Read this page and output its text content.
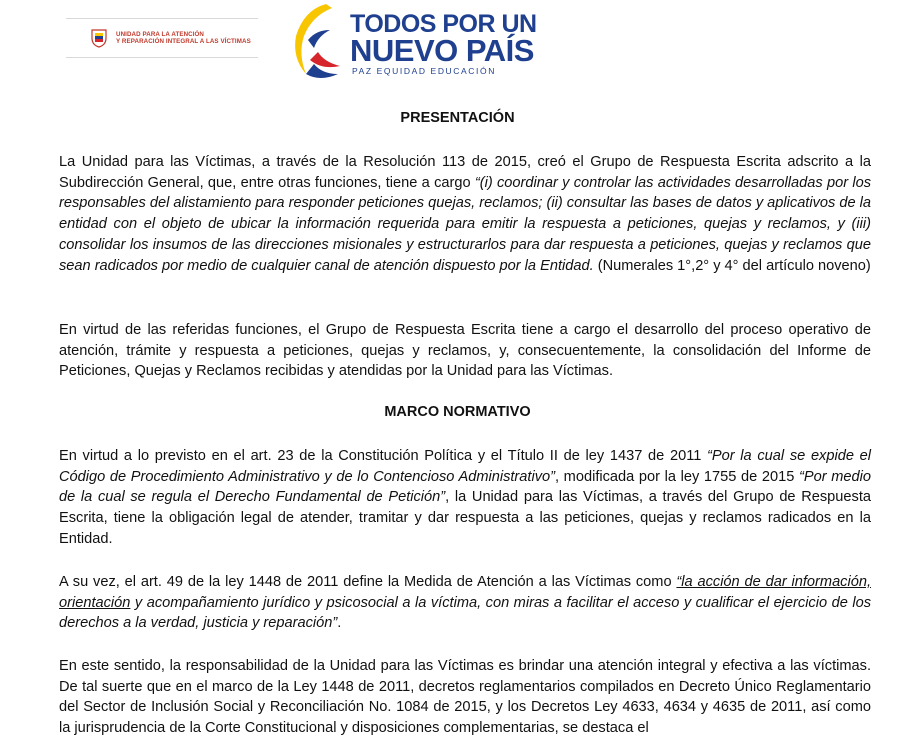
UNIDAD PARA LA ATENCIÓN
Y REPARACIÓN INTEGRAL A LAS VÍCTIMAS
TODOS POR UN
NUEVO PAÍS
PAZ EQUIDAD EDUCACIÓN
PRESENTACIÓN
La Unidad para las Víctimas, a través de la Resolución 113 de 2015, creó el Grupo de Respuesta Escrita adscrito a la Subdirección General, que, entre otras funciones, tiene a cargo “(i) coordinar y controlar las actividades desarrolladas por los responsables del alistamiento para responder peticiones quejas, reclamos; (ii) consultar las bases de datos y aplicativos de la entidad con el objeto de ubicar la información requerida para emitir la respuesta a peticiones, quejas y reclamos, y (iii) consolidar los insumos de las direcciones misionales y estructurarlos para dar respuesta a peticiones, quejas y reclamos que sean radicados por medio de cualquier canal de atención dispuesto por la Entidad. (Numerales 1°,2° y 4° del artículo noveno)
En virtud de las referidas funciones, el Grupo de Respuesta Escrita tiene a cargo el desarrollo del proceso operativo de atención, trámite y respuesta a peticiones, quejas y reclamos, y, consecuentemente, la consolidación del Informe de Peticiones, Quejas y Reclamos recibidas y atendidas por la Unidad para las Víctimas.
MARCO NORMATIVO
En virtud a lo previsto en el art. 23 de la Constitución Política y el Título II de ley 1437 de 2011 “Por la cual se expide el Código de Procedimiento Administrativo y de lo Contencioso Administrativo”, modificada por la ley 1755 de 2015 “Por medio de la cual se regula el Derecho Fundamental de Petición”, la Unidad para las Víctimas, a través del Grupo de Respuesta Escrita, tiene la obligación legal de atender, tramitar y dar respuesta a las peticiones, quejas y reclamos radicados en la Entidad.
A su vez, el art. 49 de la ley 1448 de 2011 define la Medida de Atención a las Víctimas como “la acción de dar información, orientación y acompañamiento jurídico y psicosocial a la víctima, con miras a facilitar el acceso y cualificar el ejercicio de los derechos a la verdad, justicia y reparación”.
En este sentido, la responsabilidad de la Unidad para las Víctimas es brindar una atención integral y efectiva a las víctimas. De tal suerte que en el marco de la Ley 1448 de 2011, decretos reglamentarios compilados en Decreto Único Reglamentario del Sector de Inclusión Social y Reconciliación No. 1084 de 2015, y los Decretos Ley 4633, 4634 y 4635 de 2011, así como la jurisprudencia de la Corte Constitucional y disposiciones complementarias, se destaca el
